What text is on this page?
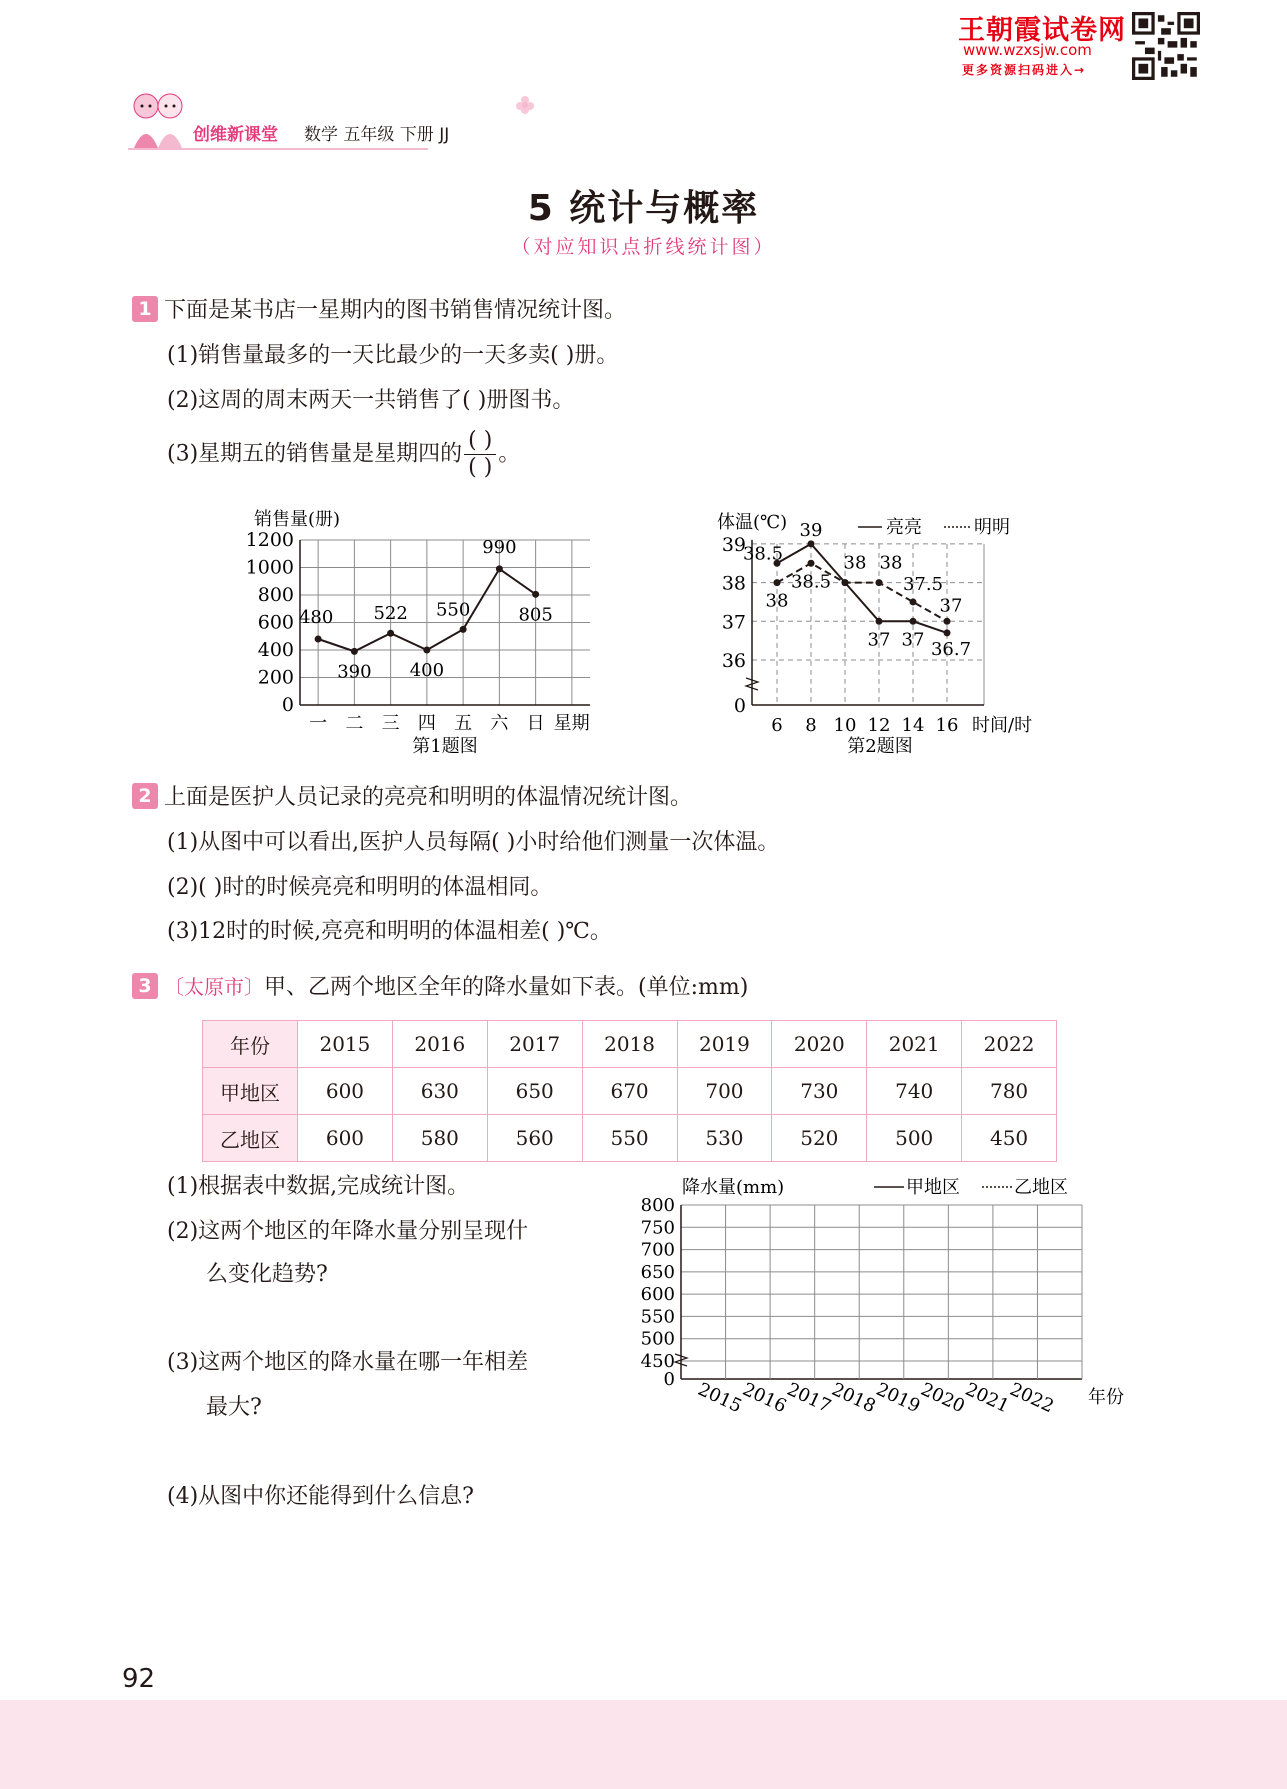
王朝霞试卷网
www.wzxsjw.com
更多资源扫码进入→
创维新课堂 数学 五年级 下册 JJ
5 统计与概率
（对应知识点折线统计图）
1 下面是某书店一星期内的图书销售情况统计图。
(1)销售量最多的一天比最少的一天多卖( )册。
(2)这周的周末两天一共销售了( )册图书。
(3)星期五的销售量是星期四的 $\frac{( )}{( )}$ 。
0
200
400
600
800
1000
1200
销售量(册)
一 二 三 四 五 六 日 星期
480
390
522
400
550
990
805
第1题图
0
36
37
38
39
6 8 10 12 14 16 时间/时
体温(℃)	亮亮	明明
38.5
39
37 37 36.7
38
38.5
38 38
37.5
37
第2题图
2 上面是医护人员记录的亮亮和明明的体温情况统计图。
(1)从图中可以看出,医护人员每隔( )小时给他们测量一次体温。
(2)( )时的时候亮亮和明明的体温相同。
(3)12时的时候,亮亮和明明的体温相差( )℃。
3 〔太原市〕甲、乙两个地区全年的降水量如下表。(单位:mm)
年份	2015	2016	2017	2018	2019	2020	2021	2022
甲地区	600	630	650	670	700	730	740	780
乙地区	600	580	560	550	530	520	500	450
(1)根据表中数据,完成统计图。
(2)这两个地区的年降水量分别呈现什
么变化趋势?
(3)这两个地区的降水量在哪一年相差
最大?
(4)从图中你还能得到什么信息?
0
450
500
550
600
650
700
750
800
2015
2016
2017
2018
2019
2020
2021
2022 年份
降水量(mm)	甲地区	乙地区
92
